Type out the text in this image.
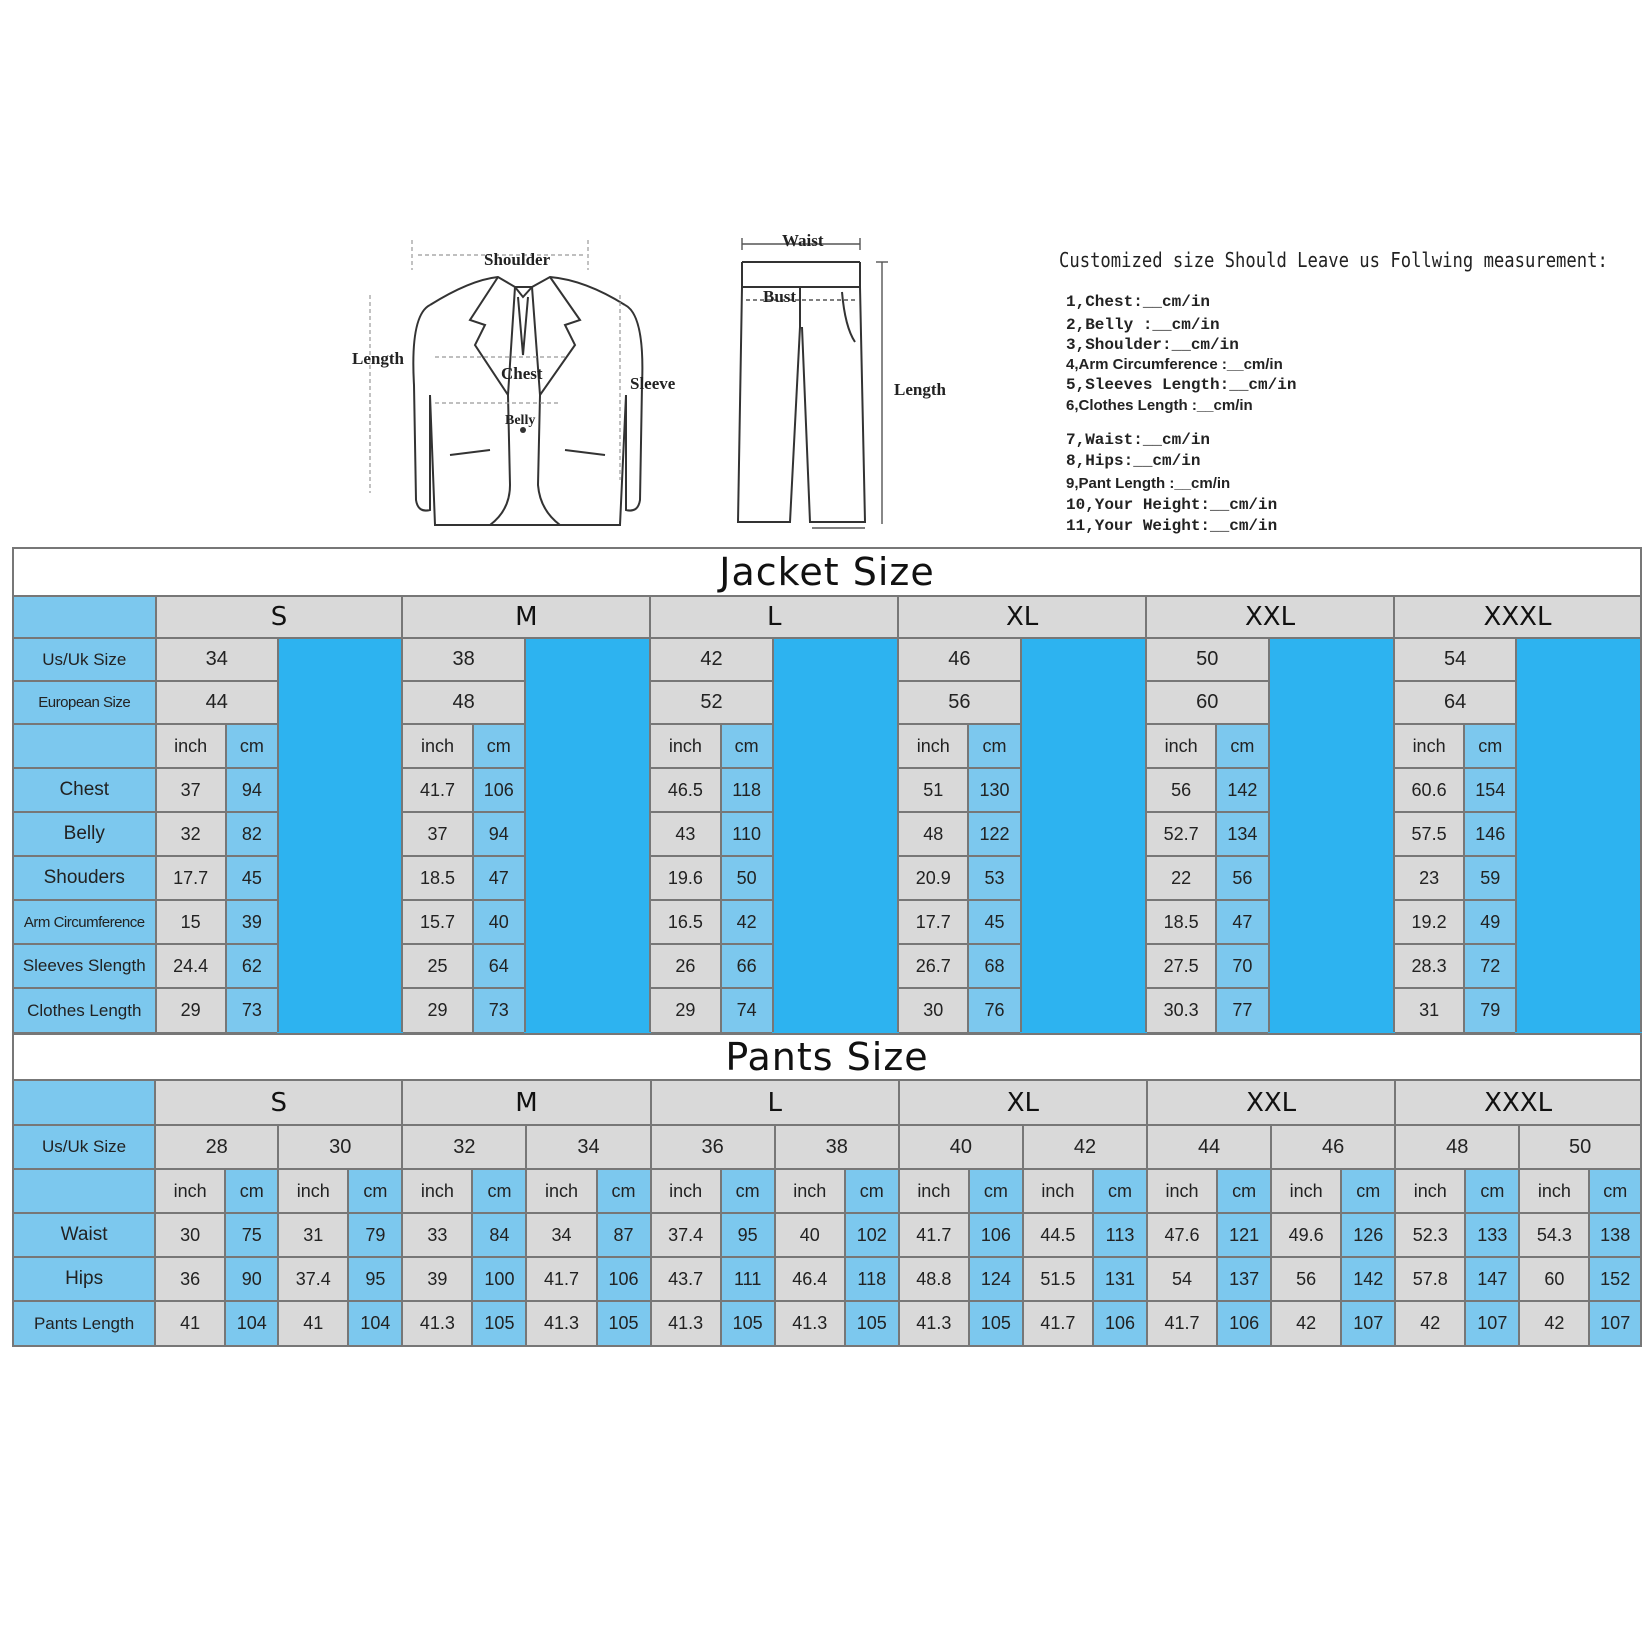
Shoulder
Length
Chest
Sleeve
Belly
Waist
Bust
Length
Customized size Should Leave us Follwing measurement:
1,Chest:__cm/in
2,Belly :__cm/in
3,Shoulder:__cm/in
4,Arm Circumference :__cm/in
5,Sleeves Length:__cm/in
6,Clothes Length :__cm/in
7,Waist:__cm/in
8,Hips:__cm/in
9,Pant Length :__cm/in
10,Your Height:__cm/in
11,Your Weight:__cm/in
Jacket Size																		
	S			M			L			XL			XXL			XXXL		
Us/Uk Size	34			38			42			46			50			54		
European Size	44			48			52			56			60			64		
	inch	cm		inch	cm		inch	cm		inch	cm		inch	cm		inch	cm	
Chest	37	94		41.7	106		46.5	118		51	130		56	142		60.6	154	
Belly	32	82		37	94		43	110		48	122		52.7	134		57.5	146	
Shouders	17.7	45		18.5	47		19.6	50		20.9	53		22	56		23	59	
Arm Circumference	15	39		15.7	40		16.5	42		17.7	45		18.5	47		19.2	49	
Sleeves Slength	24.4	62		25	64		26	66		26.7	68		27.5	70		28.3	72	
Clothes Length	29	73		29	73		29	74		30	76		30.3	77		31	79	
Pants Size																								
	S				M				L				XL				XXL				XXXL			
Us/Uk Size	28		30		32		34		36		38		40		42		44		46		48		50	
	inch	cm	inch	cm	inch	cm	inch	cm	inch	cm	inch	cm	inch	cm	inch	cm	inch	cm	inch	cm	inch	cm	inch	cm
Waist	30	75	31	79	33	84	34	87	37.4	95	40	102	41.7	106	44.5	113	47.6	121	49.6	126	52.3	133	54.3	138
Hips	36	90	37.4	95	39	100	41.7	106	43.7	111	46.4	118	48.8	124	51.5	131	54	137	56	142	57.8	147	60	152
Pants Length	41	104	41	104	41.3	105	41.3	105	41.3	105	41.3	105	41.3	105	41.7	106	41.7	106	42	107	42	107	42	107
